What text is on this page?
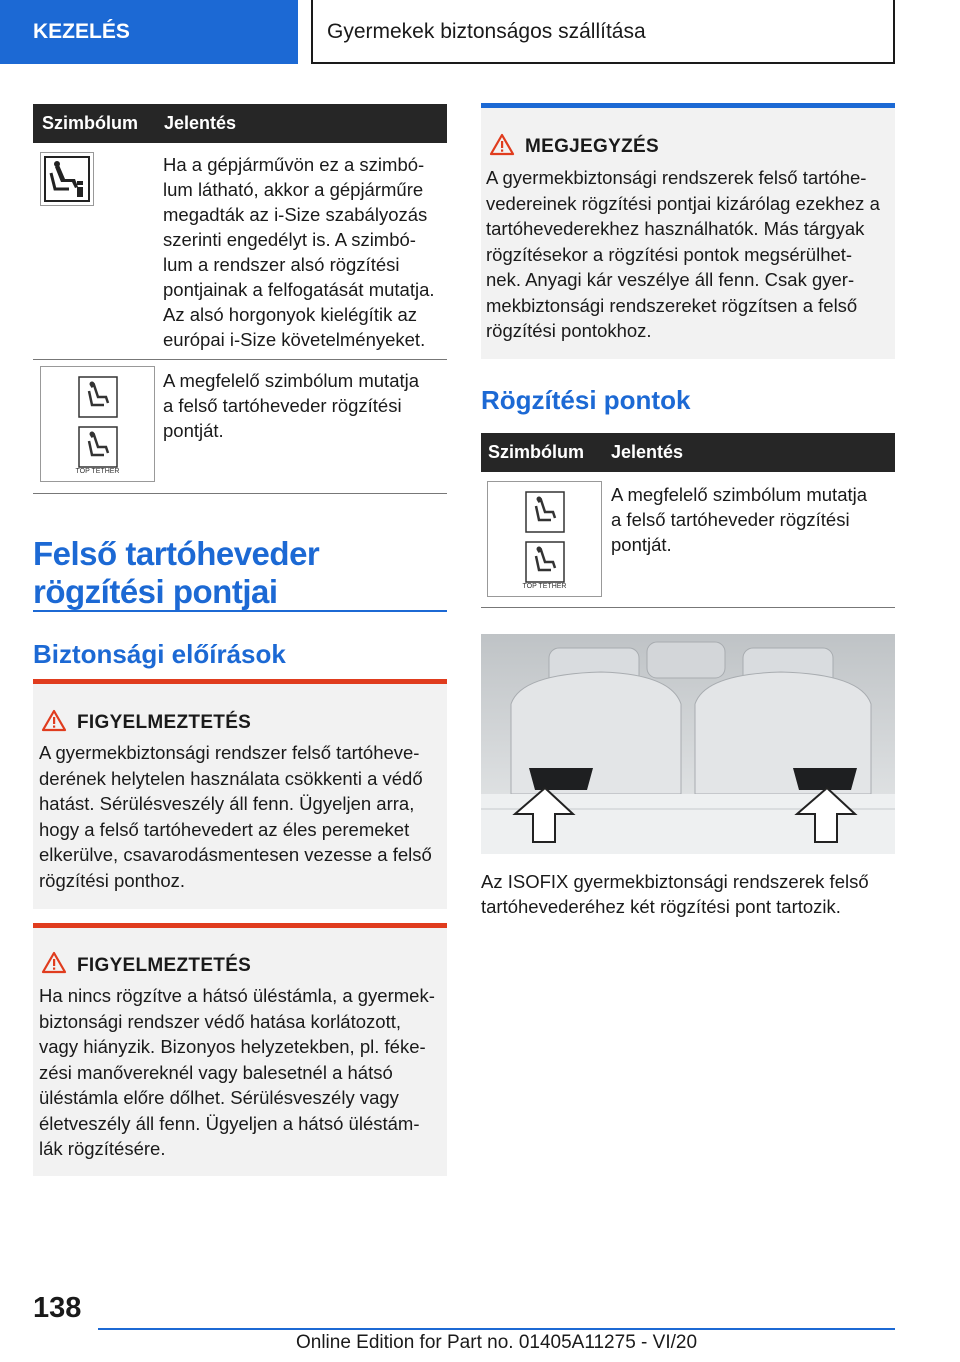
KEZELÉS	Gyermekek biztonságos szállítása
Szimbólum Jelentés
Ha a gépjárművön ez a szimbó-
lum látható, akkor a gépjárműre
megadták az i-Size szabályozás
szerinti engedélyt is. A szimbó-
lum a rendszer alsó rögzítési
pontjainak a felfogatását mutatja.
Az alsó horgonyok kielégítik az
európai i-Size követelményeket.
TOP TETHER
A megfelelő szimbólum mutatja
a felső tartóheveder rögzítési
pontját.
Felső tartóheveder
rögzítési pontjai
Biztonsági előírások
FIGYELMEZTETÉS
A gyermekbiztonsági rendszer felső tartóheve-
derének helytelen használata csökkenti a védő
hatást. Sérülésveszély áll fenn. Ügyeljen arra,
hogy a felső tartóhevedert az éles peremeket
elkerülve, csavarodásmentesen vezesse a felső
rögzítési ponthoz.
FIGYELMEZTETÉS
Ha nincs rögzítve a hátsó üléstámla, a gyermek-
biztonsági rendszer védő hatása korlátozott,
vagy hiányzik. Bizonyos helyzetekben, pl. féke-
zési manővereknél vagy balesetnél a hátsó
üléstámla előre dőlhet. Sérülésveszély vagy
életveszély áll fenn. Ügyeljen a hátsó üléstám-
lák rögzítésére.
MEGJEGYZÉS
A gyermekbiztonsági rendszerek felső tartóhe-
vedereinek rögzítési pontjai kizárólag ezekhez a
tartóhevederekhez használhatók. Más tárgyak
rögzítésekor a rögzítési pontok megsérülhet-
nek. Anyagi kár veszélye áll fenn. Csak gyer-
mekbiztonsági rendszereket rögzítsen a felső
rögzítési pontokhoz.
Rögzítési pontok
Szimbólum Jelentés
TOP TETHER
A megfelelő szimbólum mutatja
a felső tartóheveder rögzítési
pontját.
Az ISOFIX gyermekbiztonsági rendszerek felső
tartóhevederéhez két rögzítési pont tartozik.
138
Online Edition for Part no. 01405A11275 - VI/20
